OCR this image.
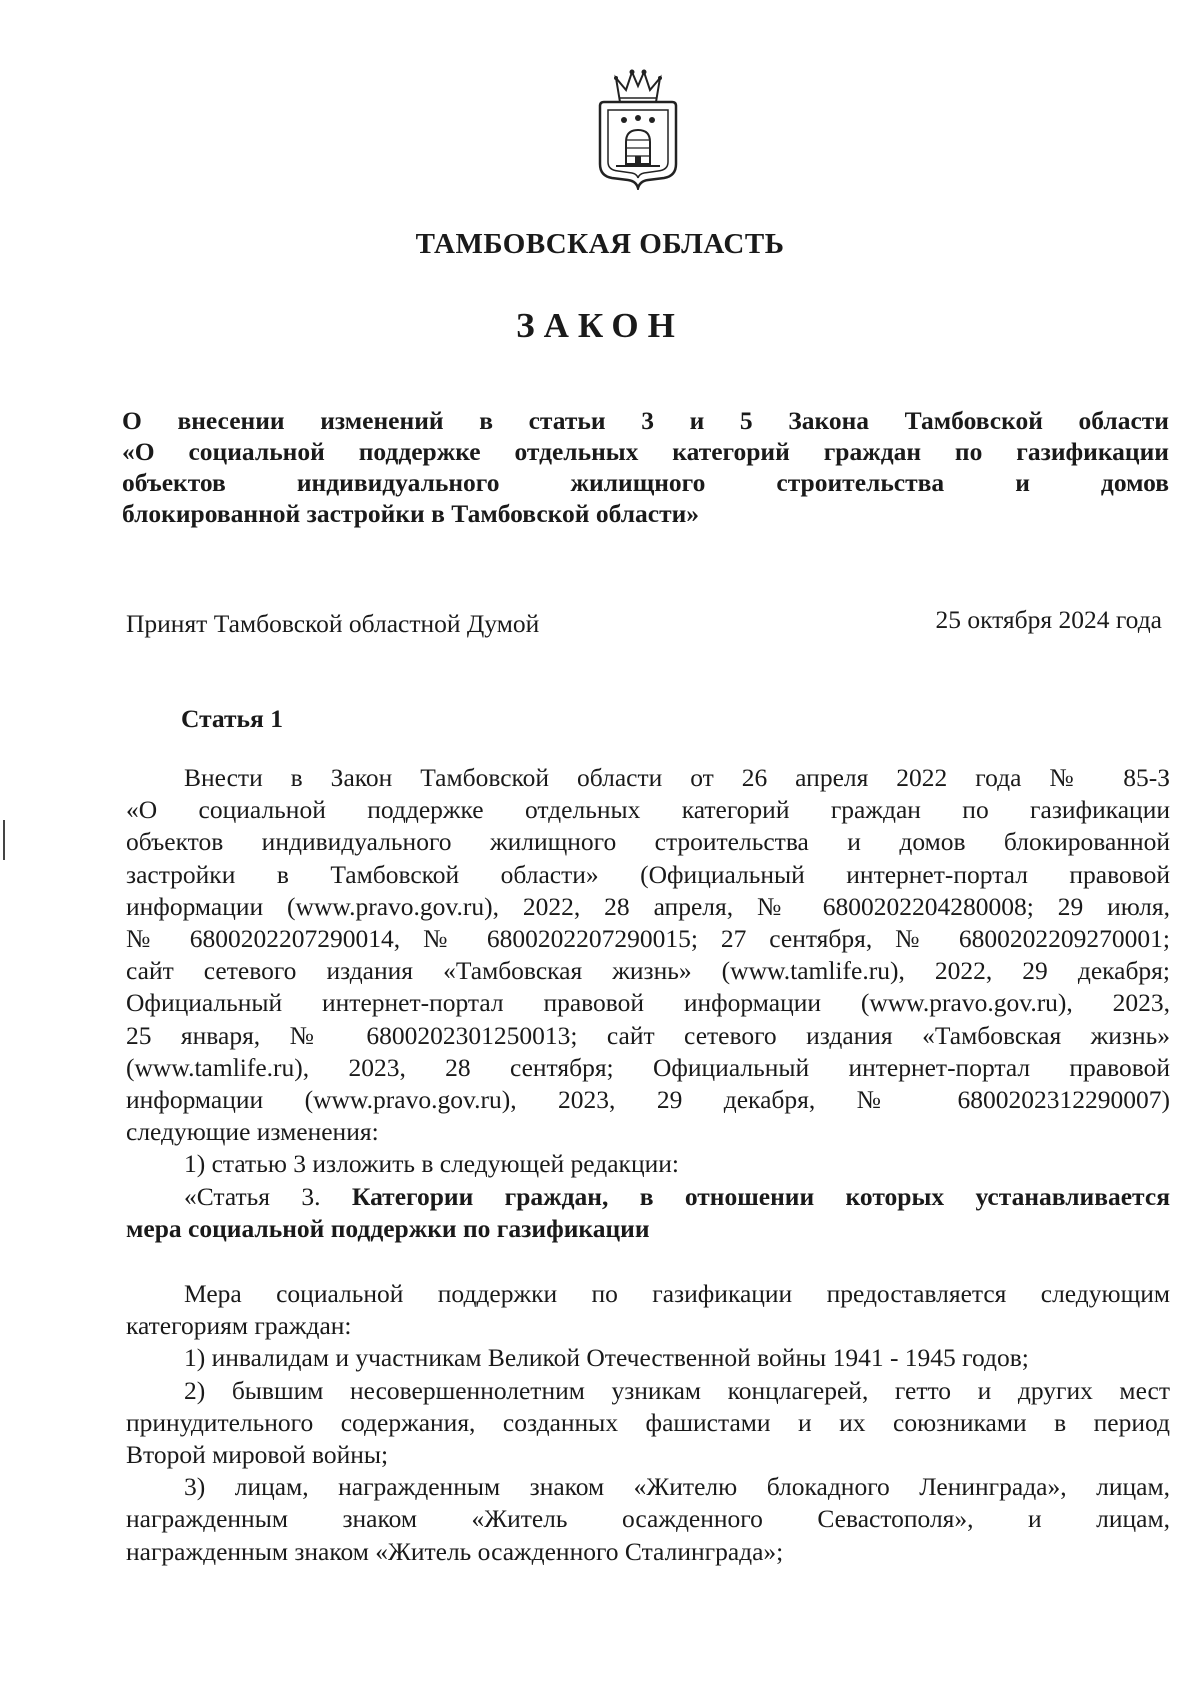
ТАМБОВСКАЯ ОБЛАСТЬ
ЗАКОН
О внесении изменений в статьи 3 и 5 Закона Тамбовской области
«О социальной поддержке отдельных категорий граждан по газификации
объектов индивидуального жилищного строительства и домов
блокированной застройки в Тамбовской области»
Принят Тамбовской областной Думой	25 октября 2024 года
Статья 1
Внести в Закон Тамбовской области от 26 апреля 2022 года № 85-З
«О социальной поддержке отдельных категорий граждан по газификации
объектов индивидуального жилищного строительства и домов блокированной
застройки в Тамбовской области» (Официальный интернет-портал правовой
информации (www.pravo.gov.ru), 2022, 28 апреля, № 6800202204280008; 29 июля,
№ 6800202207290014, № 6800202207290015; 27 сентября, № 6800202209270001;
сайт сетевого издания «Тамбовская жизнь» (www.tamlife.ru), 2022, 29 декабря;
Официальный интернет-портал правовой информации (www.pravo.gov.ru), 2023,
25 января, № 6800202301250013; сайт сетевого издания «Тамбовская жизнь»
(www.tamlife.ru), 2023, 28 сентября; Официальный интернет-портал правовой
информации (www.pravo.gov.ru), 2023, 29 декабря, № 6800202312290007)
следующие изменения:
1) статью 3 изложить в следующей редакции:
«Статья 3. Категории граждан, в отношении которых устанавливается
мера социальной поддержки по газификации
Мера социальной поддержки по газификации предоставляется следующим
категориям граждан:
1) инвалидам и участникам Великой Отечественной войны 1941 - 1945 годов;
2) бывшим несовершеннолетним узникам концлагерей, гетто и других мест
принудительного содержания, созданных фашистами и их союзниками в период
Второй мировой войны;
3) лицам, награжденным знаком «Жителю блокадного Ленинграда», лицам,
награжденным знаком «Житель осажденного Севастополя», и лицам,
награжденным знаком «Житель осажденного Сталинграда»;
